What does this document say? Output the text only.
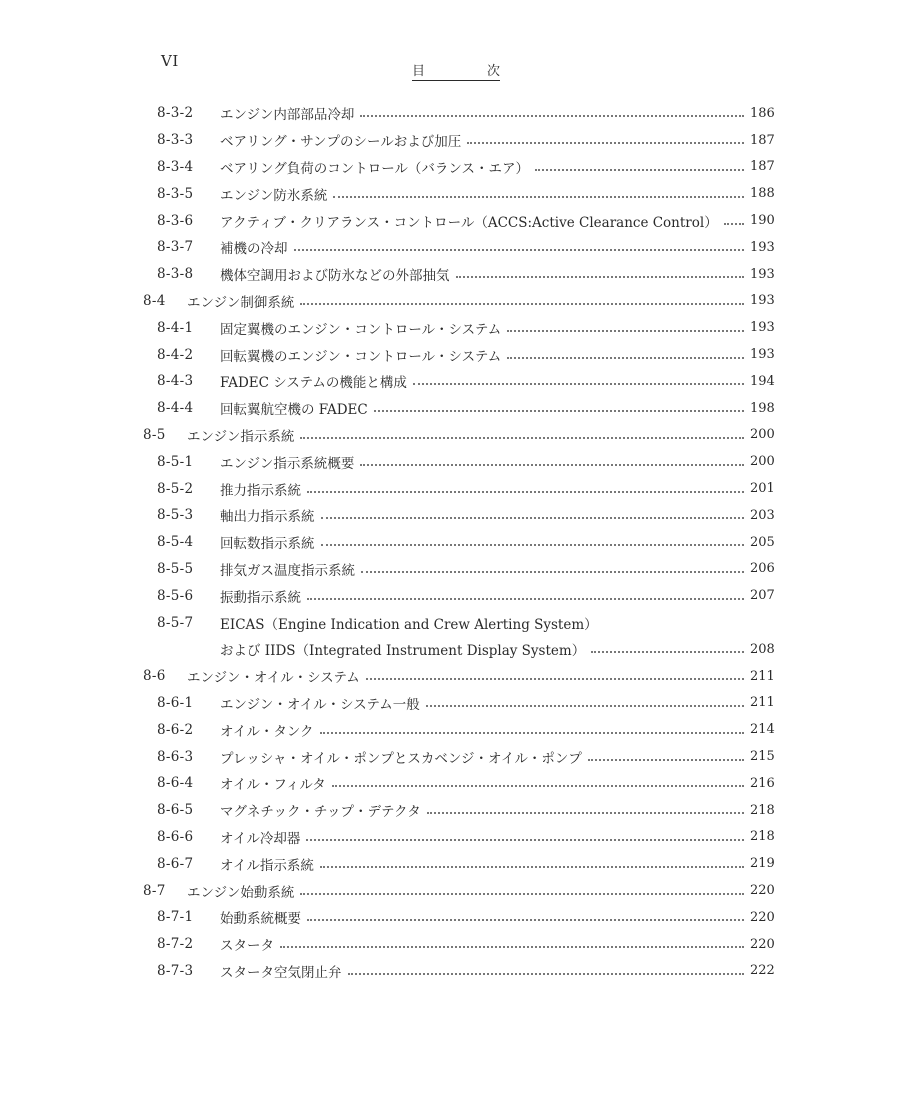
VI
目	次
8‐3‐2	エンジン内部部品冷却	186
8‐3‐3	ベアリング・サンプのシールおよび加圧	187
8‐3‐4	ベアリング負荷のコントロール（バランス・エア）	187
8‐3‐5	エンジン防氷系統	188
8‐3‐6	アクティブ・クリアランス・コントロール（ACCS:Active Clearance Control） 190
8‐3‐7	補機の冷却	193
8‐3‐8	機体空調用および防氷などの外部抽気	193
8‐4	エンジン制御系統	193
8‐4‐1	固定翼機のエンジン・コントロール・システム	193
8‐4‐2	回転翼機のエンジン・コントロール・システム	193
8‐4‐3	FADEC システムの機能と構成	194
8‐4‐4	回転翼航空機の FADEC	198
8‐5	エンジン指示系統	200
8‐5‐1	エンジン指示系統概要	200
8‐5‐2	推力指示系統	201
8‐5‐3	軸出力指示系統	203
8‐5‐4	回転数指示系統	205
8‐5‐5	排気ガス温度指示系統	206
8‐5‐6	振動指示系統	207
8‐5‐7	EICAS（Engine Indication and Crew Alerting System）
および IIDS（Integrated Instrument Display System）	208
8‐6	エンジン・オイル・システム	211
8‐6‐1	エンジン・オイル・システム一般	211
8‐6‐2	オイル・タンク	214
8‐6‐3	プレッシャ・オイル・ポンプとスカベンジ・オイル・ポンプ	215
8‐6‐4	オイル・フィルタ	216
8‐6‐5	マグネチック・チップ・デテクタ	218
8‐6‐6	オイル冷却器	218
8‐6‐7	オイル指示系統	219
8‐7	エンジン始動系統	220
8‐7‐1	始動系統概要	220
8‐7‐2	スタータ	220
8‐7‐3	スタータ空気閉止弁	222
